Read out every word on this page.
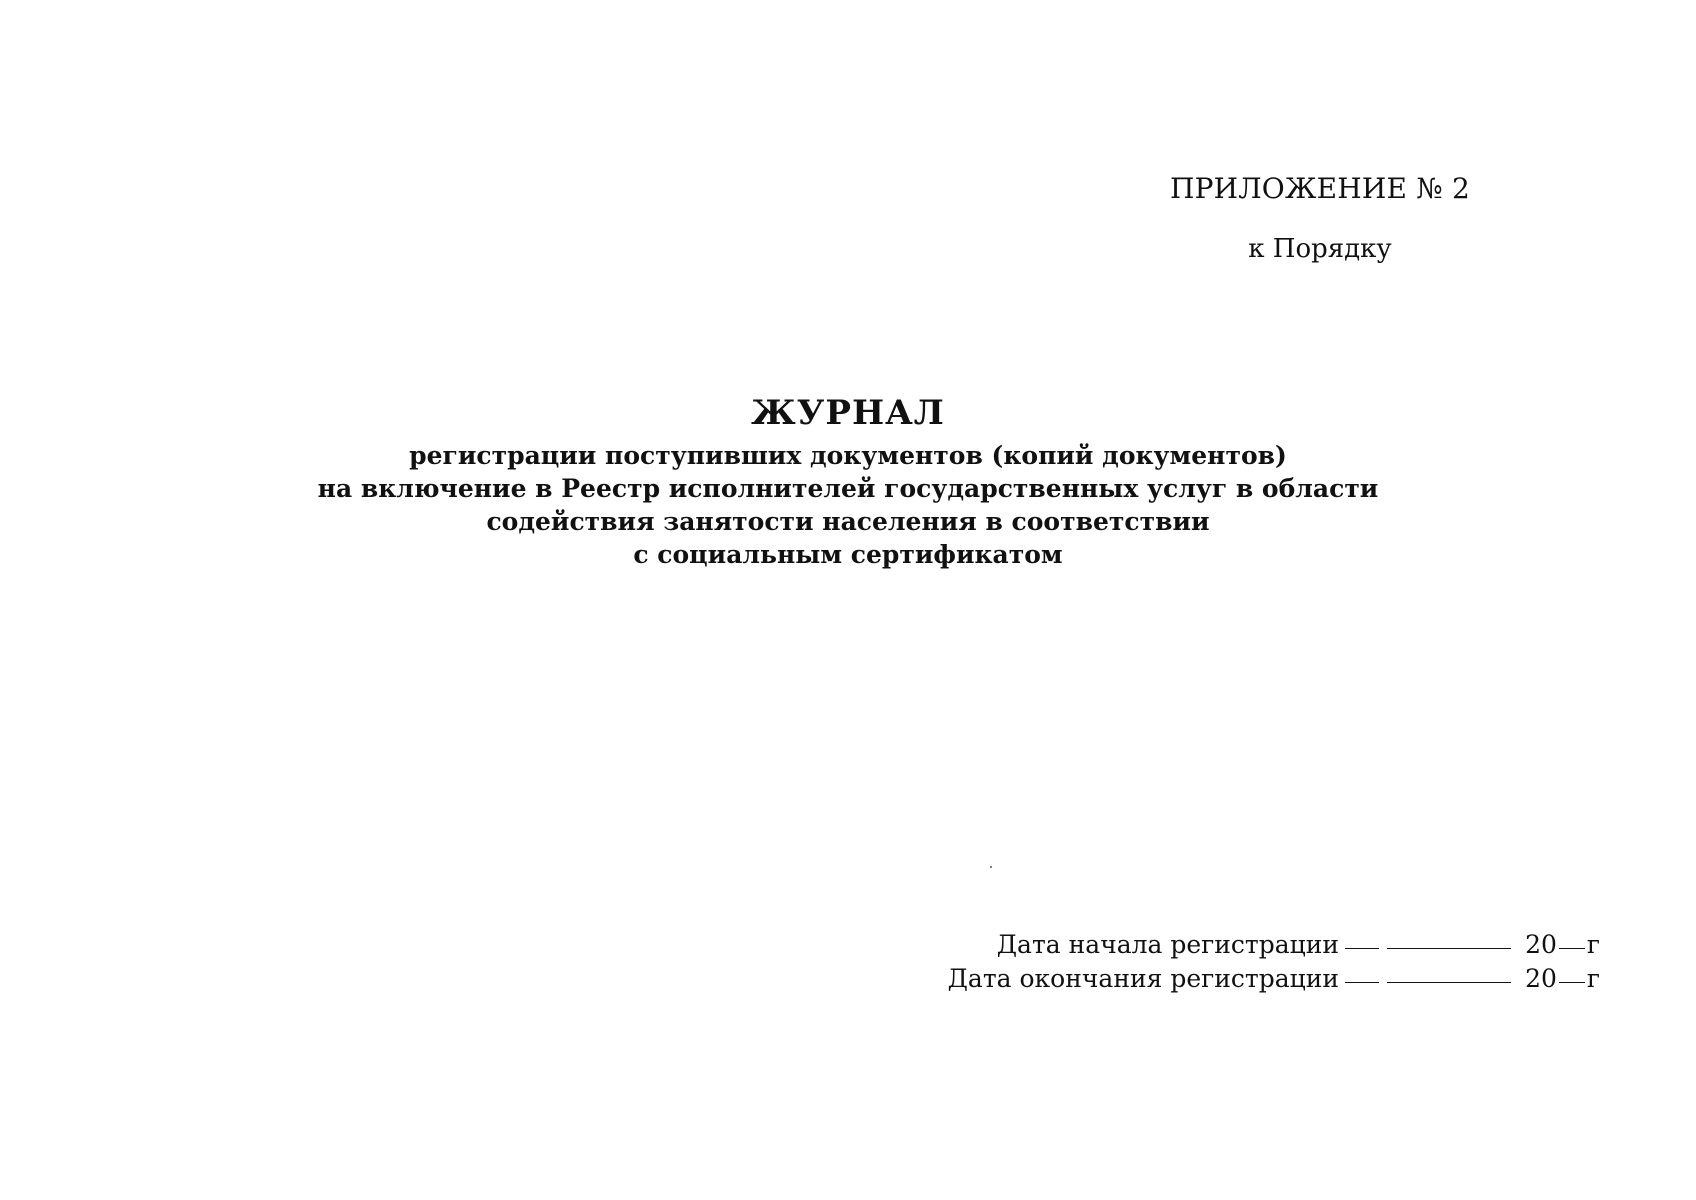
ПРИЛОЖЕНИЕ № 2
к Порядку
ЖУРНАЛ
регистрации поступивших документов (копий документов)
на включение в Реестр исполнителей государственных услуг в области
содействия занятости населения в соответствии
с социальным сертификатом
Дата начала регистрации	20 г
Дата окончания регистрации	20 г
